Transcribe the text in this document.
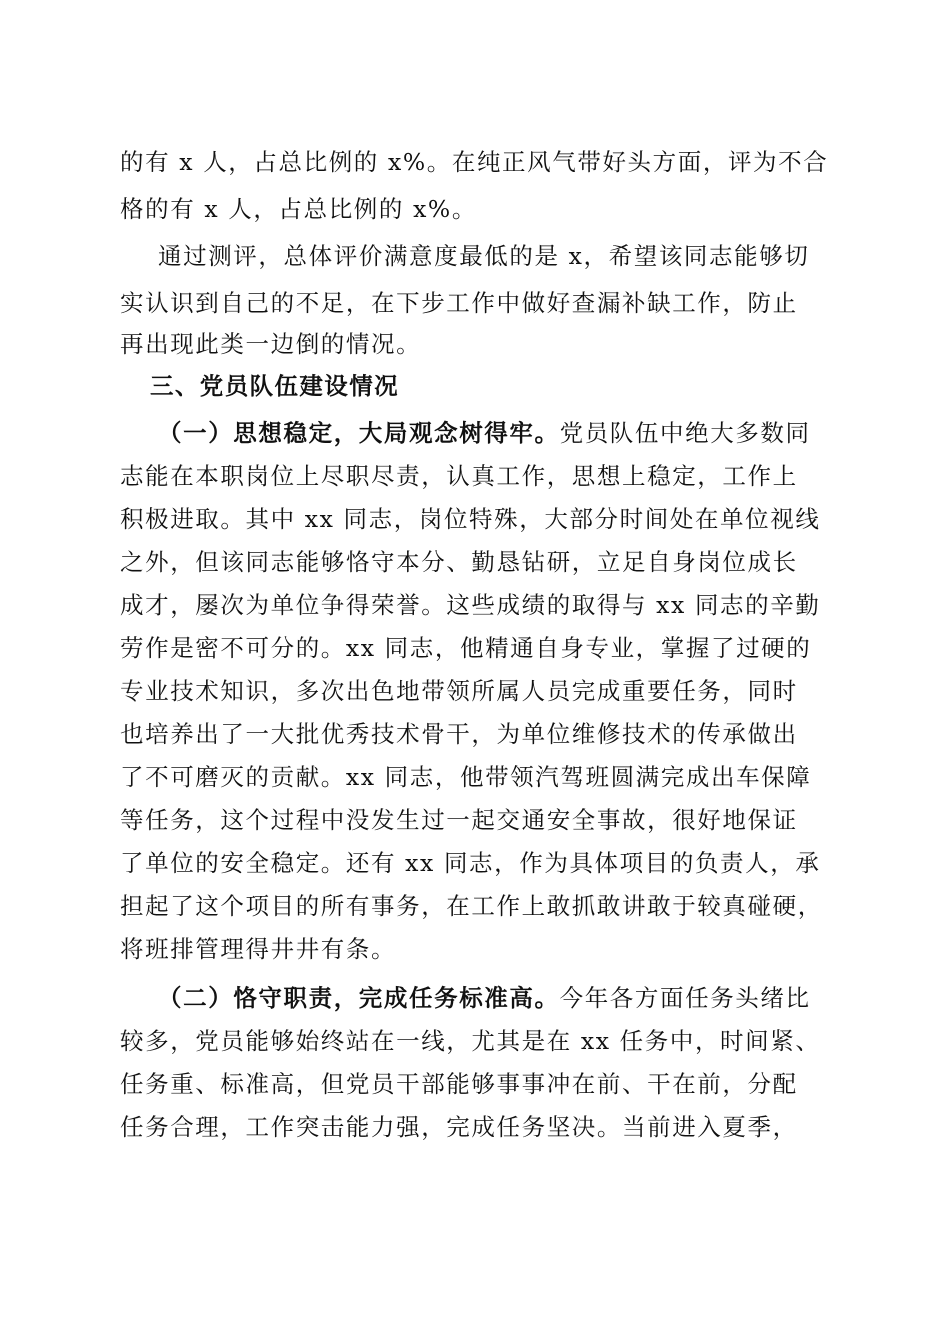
的有 x 人，占总比例的 x%。在纯正风气带好头方面，评为不合
格的有 x 人，占总比例的 x%。
通过测评，总体评价满意度最低的是 x，希望该同志能够切
实认识到自己的不足，在下步工作中做好查漏补缺工作，防止
再出现此类一边倒的情况。
三、党员队伍建设情况
（一）思想稳定，大局观念树得牢。党员队伍中绝大多数同
志能在本职岗位上尽职尽责，认真工作，思想上稳定，工作上
积极进取。其中 xx 同志，岗位特殊，大部分时间处在单位视线
之外，但该同志能够恪守本分、勤恳钻研，立足自身岗位成长
成才，屡次为单位争得荣誉。这些成绩的取得与 xx 同志的辛勤
劳作是密不可分的。xx 同志，他精通自身专业，掌握了过硬的
专业技术知识，多次出色地带领所属人员完成重要任务，同时
也培养出了一大批优秀技术骨干，为单位维修技术的传承做出
了不可磨灭的贡献。xx 同志，他带领汽驾班圆满完成出车保障
等任务，这个过程中没发生过一起交通安全事故，很好地保证
了单位的安全稳定。还有 xx 同志，作为具体项目的负责人，承
担起了这个项目的所有事务，在工作上敢抓敢讲敢于较真碰硬，
将班排管理得井井有条。
（二）恪守职责，完成任务标准高。今年各方面任务头绪比
较多，党员能够始终站在一线，尤其是在 xx 任务中，时间紧、
任务重、标准高，但党员干部能够事事冲在前、干在前，分配
任务合理，工作突击能力强，完成任务坚决。当前进入夏季，
